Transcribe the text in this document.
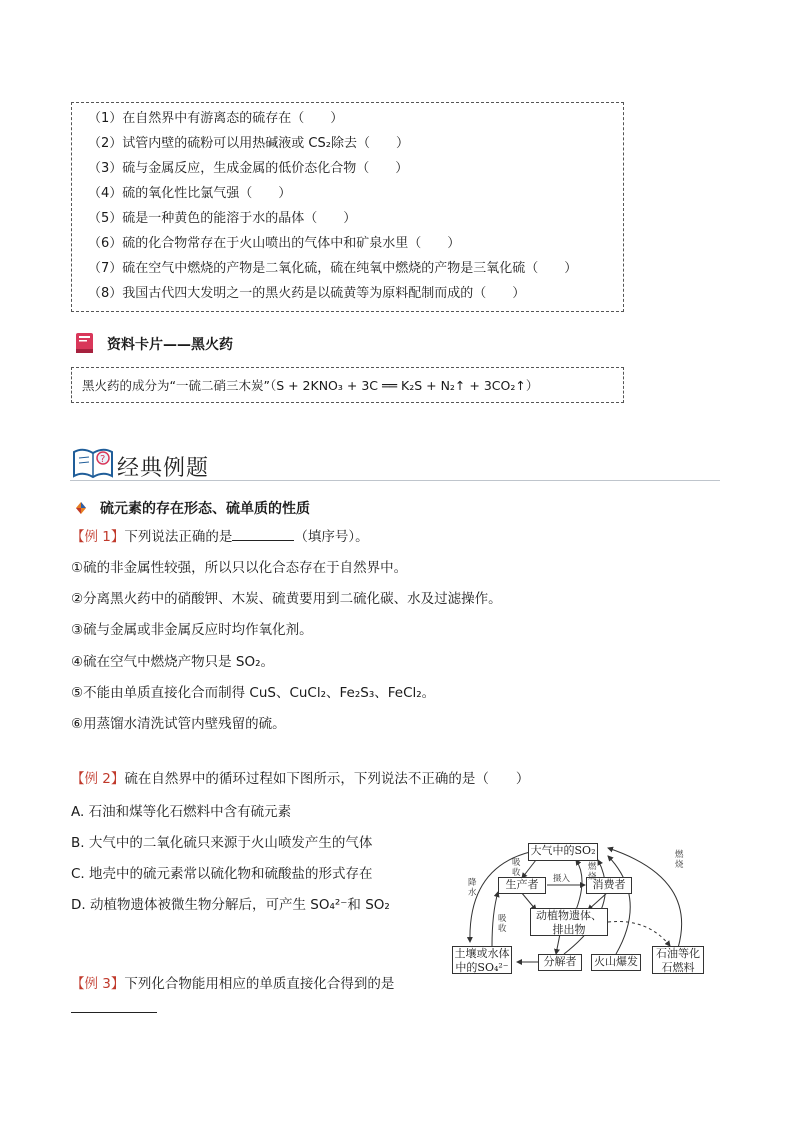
（1）在自然界中有游离态的硫存在（　　）
（2）试管内壁的硫粉可以用热碱液或 CS₂除去（　　）
（3）硫与金属反应，生成金属的低价态化合物（　　）
（4）硫的氧化性比氯气强（　　）
（5）硫是一种黄色的能溶于水的晶体（　　）
（6）硫的化合物常存在于火山喷出的气体中和矿泉水里（　　）
（7）硫在空气中燃烧的产物是二氧化硫，硫在纯氧中燃烧的产物是三氧化硫（　　）
（8）我国古代四大发明之一的黑火药是以硫黄等为原料配制而成的（　　）
资料卡片——黑火药
黑火药的成分为“一硫二硝三木炭”（S + 2KNO₃ + 3C ══ K₂S + N₂↑ + 3CO₂↑）
? 经典例题
硫元素的存在形态、硫单质的性质
【例 1】下列说法正确的是	（填序号）。
①硫的非金属性较强，所以只以化合态存在于自然界中。
②分离黑火药中的硝酸钾、木炭、硫黄要用到二硫化碳、水及过滤操作。
③硫与金属或非金属反应时均作氧化剂。
④硫在空气中燃烧产物只是 SO₂。
⑤不能由单质直接化合而制得 CuS、CuCl₂、Fe₂S₃、FeCl₂。
⑥用蒸馏水清洗试管内壁残留的硫。
【例 2】硫在自然界中的循环过程如下图所示，下列说法不正确的是（　　）
A. 石油和煤等化石燃料中含有硫元素
B. 大气中的二氧化硫只来源于火山喷发产生的气体
C. 地壳中的硫元素常以硫化物和硫酸盐的形式存在
D. 动植物遗体被微生物分解后，可产生 SO₄²⁻和 SO₂
大气中的SO₂
生产者	消费者
动植物遗体、排出物
土壤或水体中的SO₄²⁻	分解者	火山爆发
石油等化石燃料
降水
吸收
摄入
燃烧
燃烧
吸收
【例 3】下列化合物能用相应的单质直接化合得到的是
